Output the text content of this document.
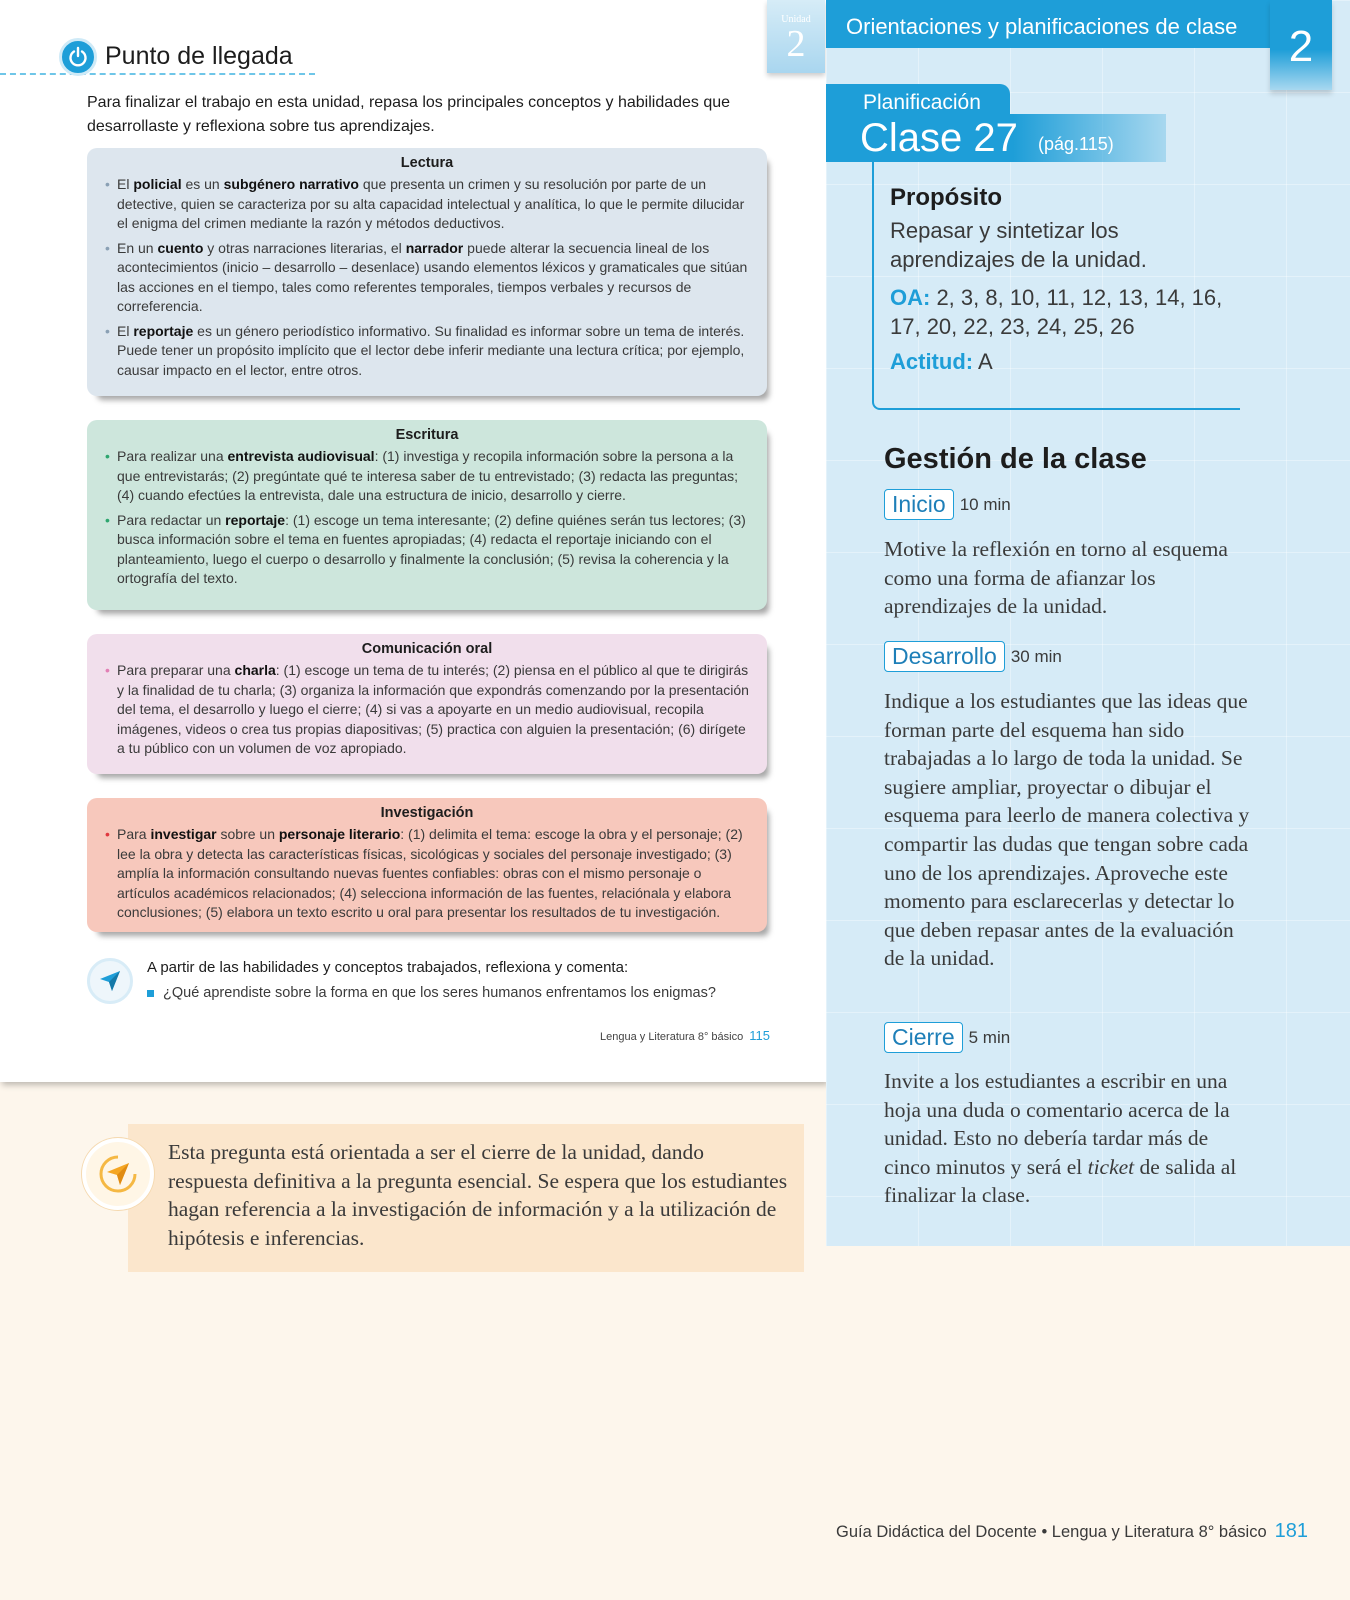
Unidad
2
Punto de llegada

Para finalizar el trabajo en esta unidad, repasa los principales conceptos y habilidades que desarrollaste y reflexiona sobre tus aprendizajes.

Lectura
• El policial es un subgénero narrativo que presenta un crimen y su resolución por parte de un detective, quien se caracteriza por su alta capacidad intelectual y analítica, lo que le permite dilucidar el enigma del crimen mediante la razón y métodos deductivos.
• En un cuento y otras narraciones literarias, el narrador puede alterar la secuencia lineal de los acontecimientos (inicio – desarrollo – desenlace) usando elementos léxicos y gramaticales que sitúan las acciones en el tiempo, tales como referentes temporales, tiempos verbales y recursos de correferencia.
• El reportaje es un género periodístico informativo. Su finalidad es informar sobre un tema de interés. Puede tener un propósito implícito que el lector debe inferir mediante una lectura crítica; por ejemplo, causar impacto en el lector, entre otros.
Escritura
• Para realizar una entrevista audiovisual: (1) investiga y recopila información sobre la persona a la que entrevistarás; (2) pregúntate qué te interesa saber de tu entrevistado; (3) redacta las preguntas; (4) cuando efectúes la entrevista, dale una estructura de inicio, desarrollo y cierre.
• Para redactar un reportaje: (1) escoge un tema interesante; (2) define quiénes serán tus lectores; (3) busca información sobre el tema en fuentes apropiadas; (4) redacta el reportaje iniciando con el planteamiento, luego el cuerpo o desarrollo y finalmente la conclusión; (5) revisa la coherencia y la ortografía del texto.
Comunicación oral
• Para preparar una charla: (1) escoge un tema de tu interés; (2) piensa en el público al que te dirigirás y la finalidad de tu charla; (3) organiza la información que expondrás comenzando por la presentación del tema, el desarrollo y luego el cierre; (4) si vas a apoyarte en un medio audiovisual, recopila imágenes, videos o crea tus propias diapositivas; (5) practica con alguien la presentación; (6) dirígete a tu público con un volumen de voz apropiado.
Investigación
• Para investigar sobre un personaje literario: (1) delimita el tema: escoge la obra y el personaje; (2) lee la obra y detecta las características físicas, sicológicas y sociales del personaje investigado; (3) amplía la información consultando nuevas fuentes confiables: obras con el mismo personaje o artículos académicos relacionados; (4) selecciona información de las fuentes, relaciónala y elabora conclusiones; (5) elabora un texto escrito u oral para presentar los resultados de tu investigación.
A partir de las habilidades y conceptos trabajados, reflexiona y comenta:
¿Qué aprendiste sobre la forma en que los seres humanos enfrentamos los enigmas?
Lengua y Literatura 8° básico 115

Esta pregunta está orientada a ser el cierre de la unidad, dando respuesta definitiva a la pregunta esencial. Se espera que los estudiantes hagan referencia a la investigación de información y a la utilización de hipótesis e inferencias.

Orientaciones y planificaciones de clase	2
Planificación
Clase 27 (pág.115)
Propósito

Repasar y sintetizar los aprendizajes de la unidad.

OA: 2, 3, 8, 10, 11, 12, 13, 14, 16, 17, 20, 22, 23, 24, 25, 26

Actitud: A

Gestión de la clase
Inicio 10 min

Motive la reflexión en torno al esquema como una forma de afianzar los aprendizajes de la unidad.

Desarrollo 30 min

Indique a los estudiantes que las ideas que forman parte del esquema han sido trabajadas a lo largo de toda la unidad. Se sugiere ampliar, proyectar o dibujar el esquema para leerlo de manera colectiva y compartir las dudas que tengan sobre cada uno de los aprendizajes. Aproveche este momento para esclarecerlas y detectar lo que deben repasar antes de la evaluación de la unidad.

Cierre 5 min

Invite a los estudiantes a escribir en una hoja una duda o comentario acerca de la unidad. Esto no debería tardar más de cinco minutos y será el ticket de salida al finalizar la clase.

Guía Didáctica del Docente • Lengua y Literatura 8° básico 181
